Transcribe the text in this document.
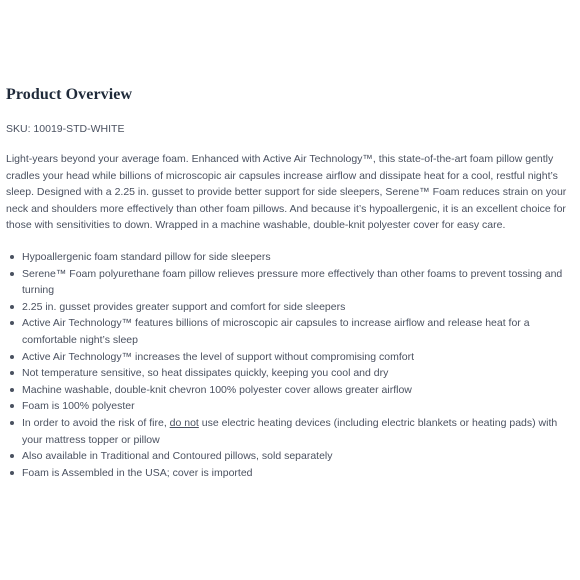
Product Overview
SKU: 10019-STD-WHITE

Light-years beyond your average foam. Enhanced with Active Air Technology™, this state-of-the-art foam pillow gently cradles your head while billions of microscopic air capsules increase airflow and dissipate heat for a cool, restful night’s sleep. Designed with a 2.25 in. gusset to provide better support for side sleepers, Serene™ Foam reduces strain on your neck and shoulders more effectively than other foam pillows. And because it’s hypoallergenic, it is an excellent choice for those with sensitivities to down. Wrapped in a machine washable, double-knit polyester cover for easy care.

Hypoallergenic foam standard pillow for side sleepers
Serene™ Foam polyurethane foam pillow relieves pressure more effectively than other foams to prevent tossing and turning
2.25 in. gusset provides greater support and comfort for side sleepers
Active Air Technology™ features billions of microscopic air capsules to increase airflow and release heat for a comfortable night’s sleep
Active Air Technology™ increases the level of support without compromising comfort
Not temperature sensitive, so heat dissipates quickly, keeping you cool and dry
Machine washable, double-knit chevron 100% polyester cover allows greater airflow
Foam is 100% polyester
In order to avoid the risk of fire, do not use electric heating devices (including electric blankets or heating pads) with your mattress topper or pillow
Also available in Traditional and Contoured pillows, sold separately
Foam is Assembled in the USA; cover is imported
